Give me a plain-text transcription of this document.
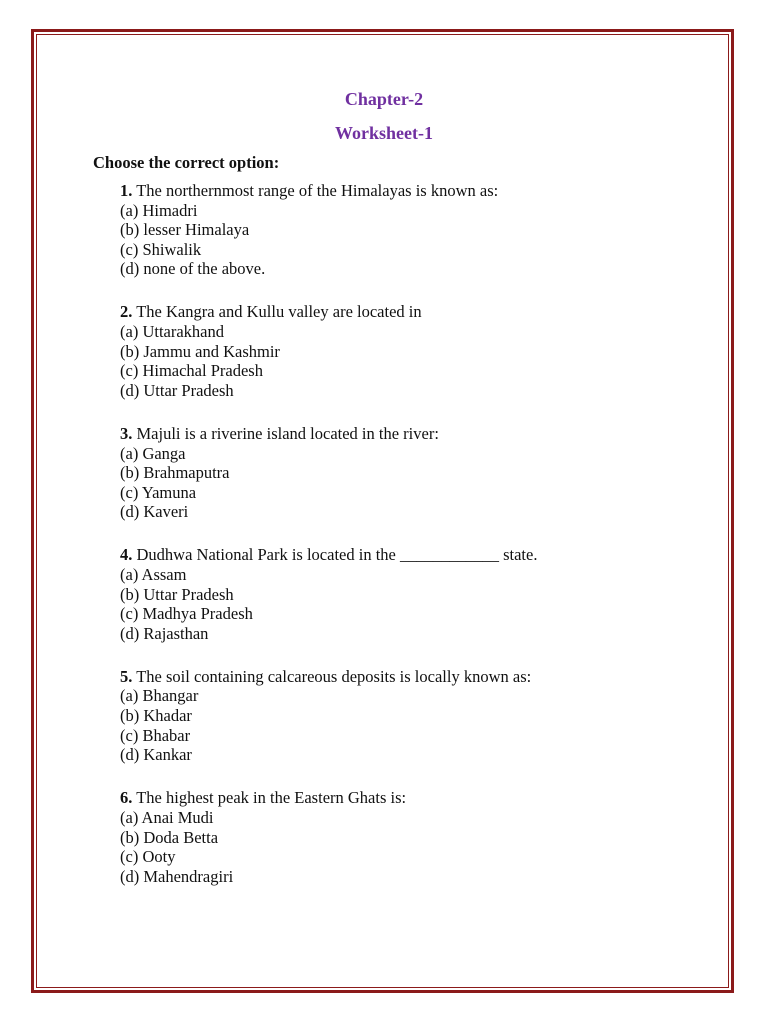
Chapter-2
Worksheet-1
Choose the correct option:
1. The northernmost range of the Himalayas is known as:
(a) Himadri
(b) lesser Himalaya
(c) Shiwalik
(d) none of the above.
2. The Kangra and Kullu valley are located in
(a) Uttarakhand
(b) Jammu and Kashmir
(c) Himachal Pradesh
(d) Uttar Pradesh
3. Majuli is a riverine island located in the river:
(a) Ganga
(b) Brahmaputra
(c) Yamuna
(d) Kaveri
4. Dudhwa National Park is located in the ____________ state.
(a) Assam
(b) Uttar Pradesh
(c) Madhya Pradesh
(d) Rajasthan
5. The soil containing calcareous deposits is locally known as:
(a) Bhangar
(b) Khadar
(c) Bhabar
(d) Kankar
6. The highest peak in the Eastern Ghats is:
(a) Anai Mudi
(b) Doda Betta
(c) Ooty
(d) Mahendragiri
